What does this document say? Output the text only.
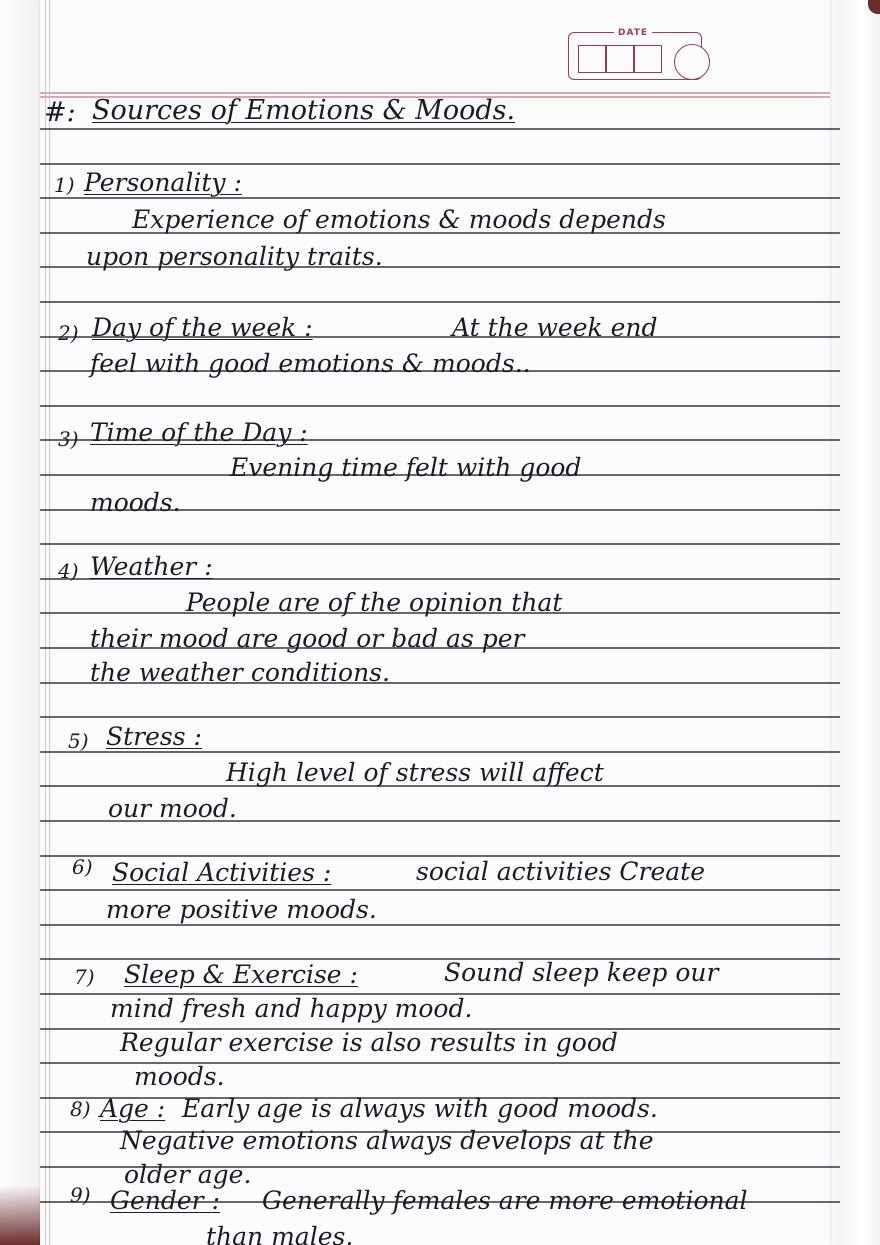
DATE
#: Sources of Emotions & Moods.
1) Personality :
Experience of emotions & moods depends
upon personality traits.
2) Day of the week :	At the week end
feel with good emotions & moods..
3) Time of the Day :
Evening time felt with good
moods.
4) Weather :
People are of the opinion that
their mood are good or bad as per
the weather conditions.
5) Stress :
High level of stress will affect
our mood.
6) Social Activities :	social activities Create
more positive moods.
7) Sleep & Exercise :	Sound sleep keep our
mind fresh and happy mood.
Regular exercise is also results in good
moods.
8) Age : Early age is always with good moods.
Negative emotions always develops at the
older age.
9) Gender : Generally females are more emotional
than males.
